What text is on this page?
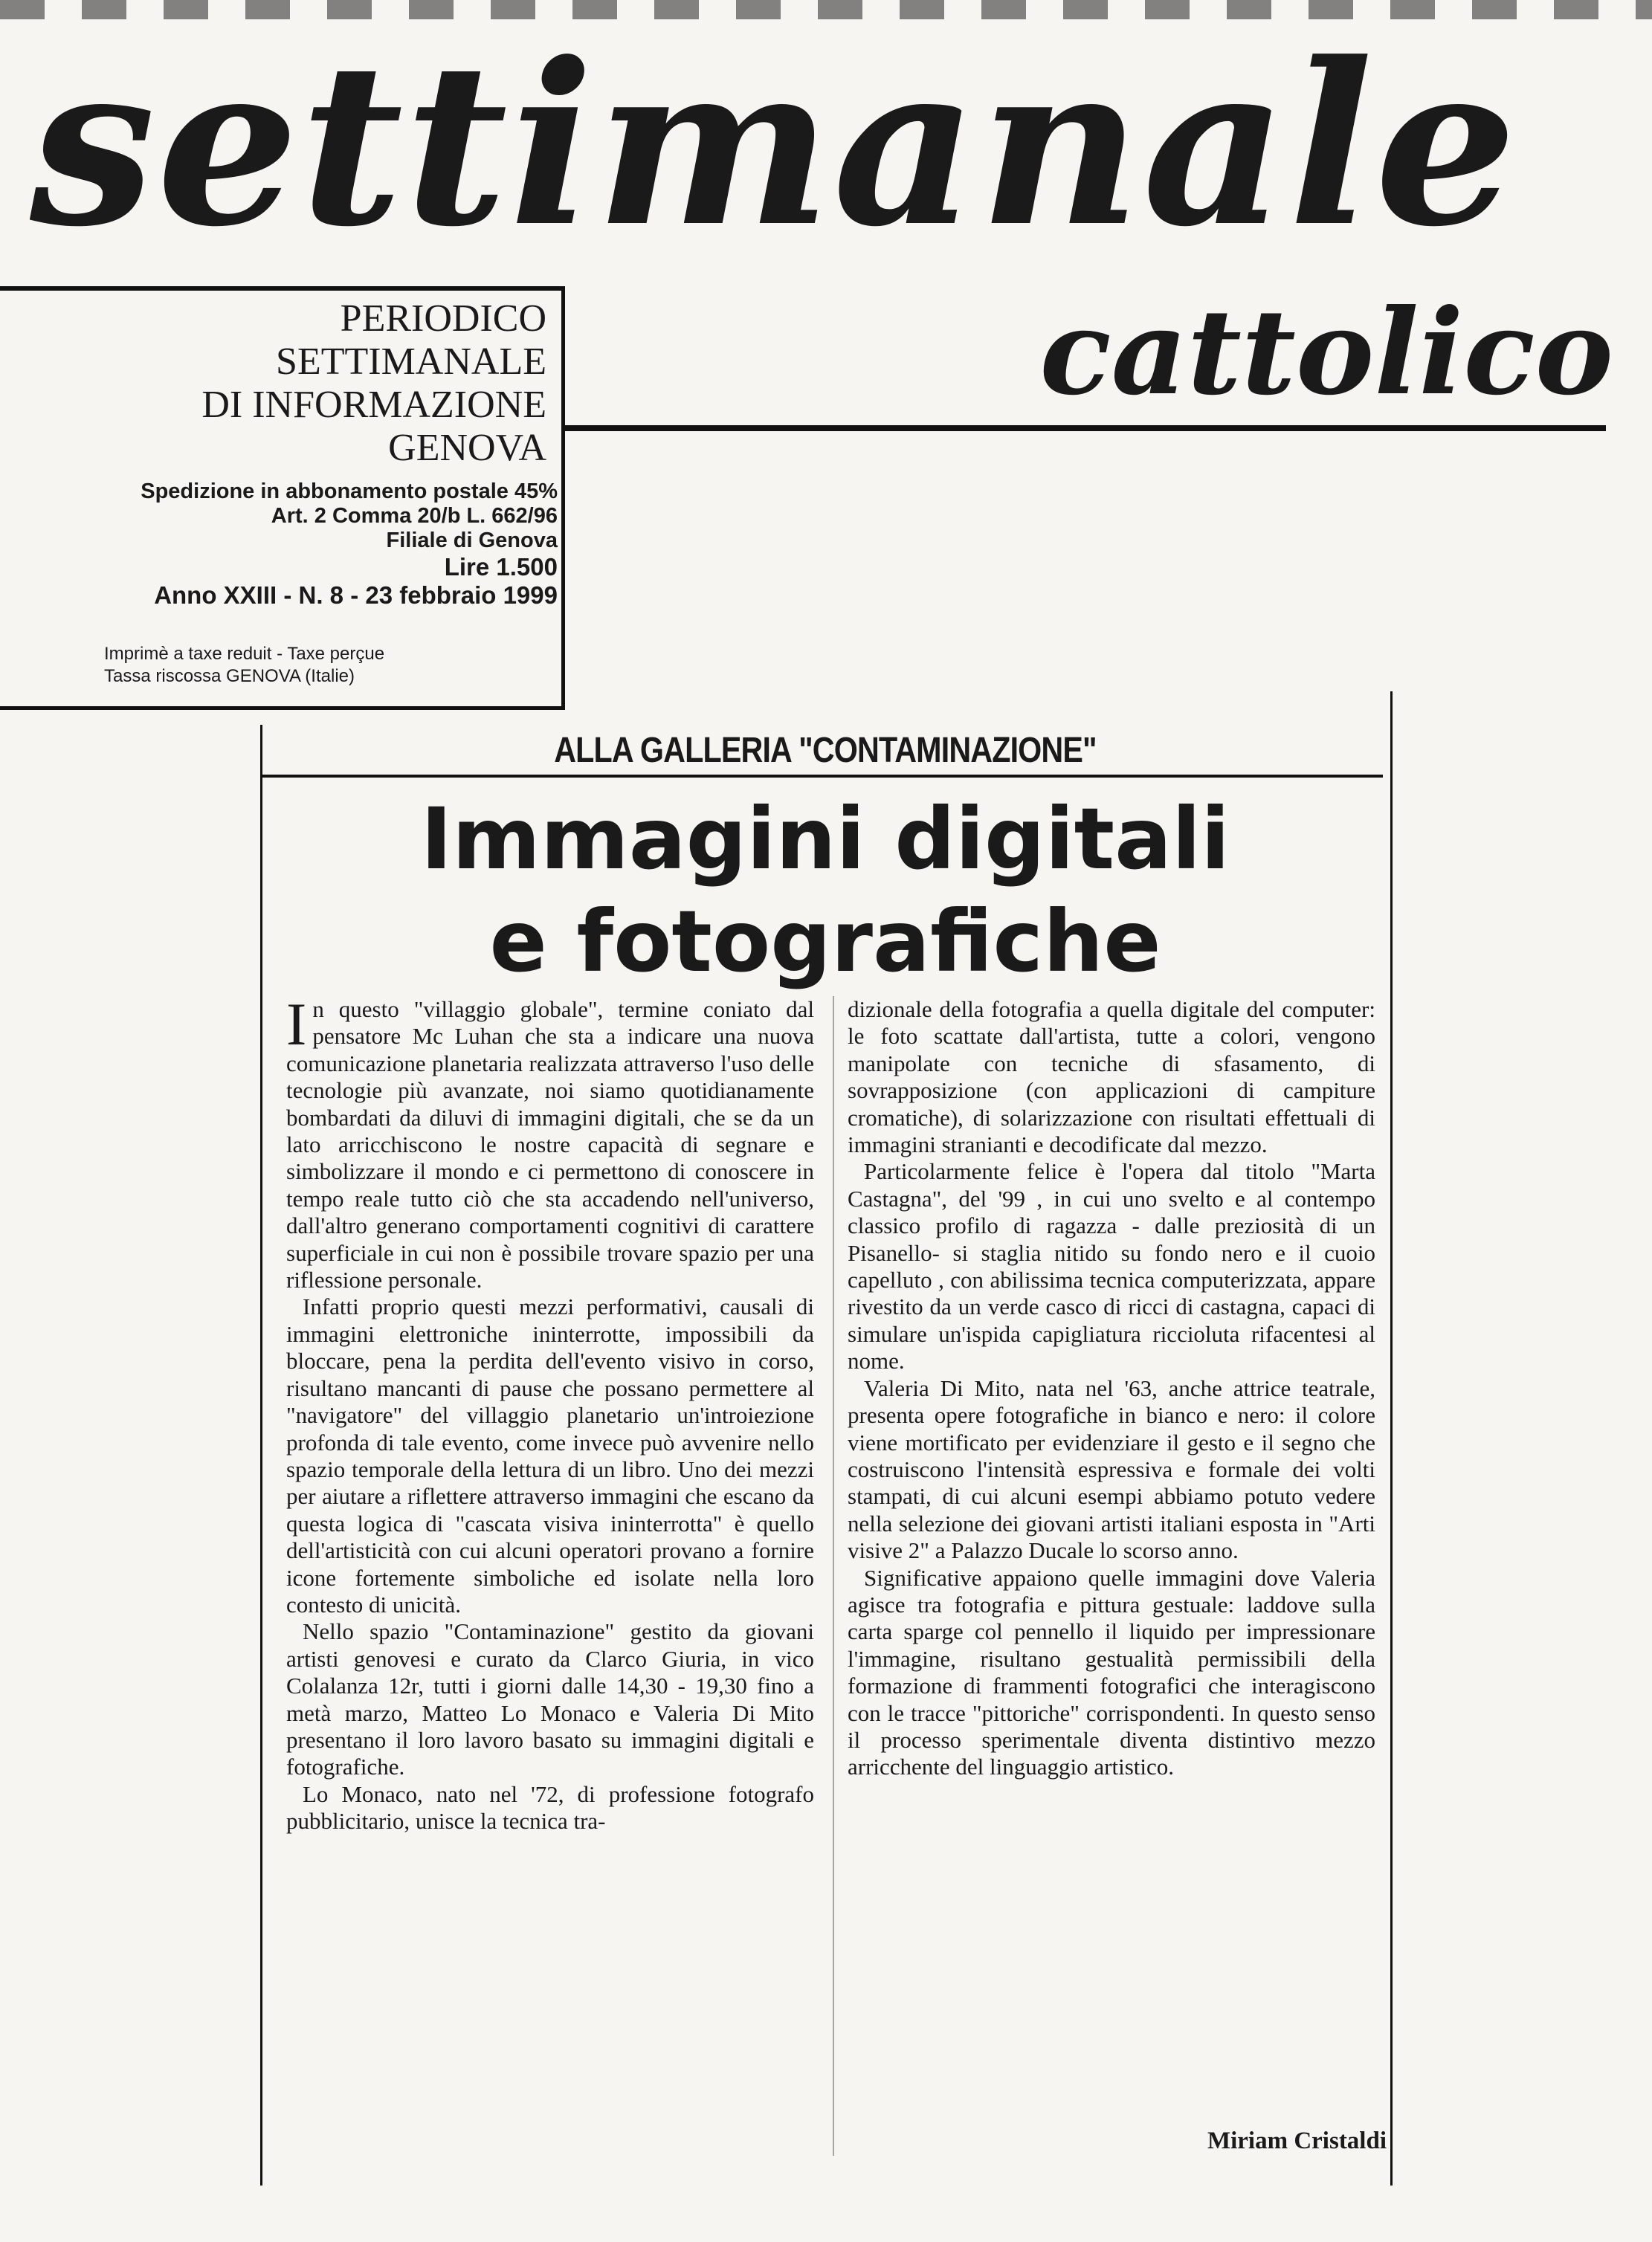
settimanale
cattolico
PERIODICO
SETTIMANALE
DI INFORMAZIONE
GENOVA
Spedizione in abbonamento postale 45%
Art. 2 Comma 20/b L. 662/96
Filiale di Genova
Lire 1.500
Anno XXIII - N. 8 - 23 febbraio 1999
Imprimè a taxe reduit - Taxe perçue
Tassa riscossa GENOVA (Italie)
ALLA GALLERIA "CONTAMINAZIONE"
Immagini digitali
e fotografiche

In questo "villaggio globale", termine coniato dal pensatore Mc Luhan che sta a indicare una nuova comunicazione planetaria realizzata attraverso l'uso delle tecnologie più avanzate, noi siamo quotidianamente bombardati da diluvi di immagini digitali, che se da un lato arricchiscono le nostre capacità di segnare e simbolizzare il mondo e ci permettono di conoscere in tempo reale tutto ciò che sta accadendo nell'universo, dall'altro generano comportamenti cognitivi di carattere superficiale in cui non è possibile trovare spazio per una riflessione personale.

Infatti proprio questi mezzi performativi, causali di immagini elettroniche ininterrotte, impossibili da bloccare, pena la perdita dell'evento visivo in corso, risultano mancanti di pause che possano permettere al "navigatore" del villaggio planetario un'introiezione profonda di tale evento, come invece può avvenire nello spazio temporale della lettura di un libro. Uno dei mezzi per aiutare a riflettere attraverso immagini che escano da questa logica di "cascata visiva ininterrotta" è quello dell'artisticità con cui alcuni operatori provano a fornire icone fortemente simboliche ed isolate nella loro contesto di unicità.

Nello spazio "Contaminazione" gestito da giovani artisti genovesi e curato da Clarco Giuria, in vico Colalanza 12r, tutti i giorni dalle 14,30 - 19,30 fino a metà marzo, Matteo Lo Monaco e Valeria Di Mito presentano il loro lavoro basato su immagini digitali e fotografiche.

Lo Monaco, nato nel '72, di professione fotografo pubblicitario, unisce la tecnica tra-

dizionale della fotografia a quella digitale del computer: le foto scattate dall'artista, tutte a colori, vengono manipolate con tecniche di sfasamento, di sovrapposizione (con applicazioni di campiture cromatiche), di solarizzazione con risultati effettuali di immagini stranianti e decodificate dal mezzo.

Particolarmente felice è l'opera dal titolo "Marta Castagna", del '99 , in cui uno svelto e al contempo classico profilo di ragazza - dalle preziosità di un Pisanello- si staglia nitido su fondo nero e il cuoio capelluto , con abilissima tecnica computerizzata, appare rivestito da un verde casco di ricci di castagna, capaci di simulare un'ispida capigliatura riccioluta rifacentesi al nome.

Valeria Di Mito, nata nel '63, anche attrice teatrale, presenta opere fotografiche in bianco e nero: il colore viene mortificato per evidenziare il gesto e il segno che costruiscono l'intensità espressiva e formale dei volti stampati, di cui alcuni esempi abbiamo potuto vedere nella selezione dei giovani artisti italiani esposta in "Arti visive 2" a Palazzo Ducale lo scorso anno.

Significative appaiono quelle immagini dove Valeria agisce tra fotografia e pittura gestuale: laddove sulla carta sparge col pennello il liquido per impressionare l'immagine, risultano gestualità permissibili della formazione di frammenti fotografici che interagiscono con le tracce "pittoriche" corrispondenti. In questo senso il processo sperimentale diventa distintivo mezzo arricchente del linguaggio artistico.

Miriam Cristaldi
